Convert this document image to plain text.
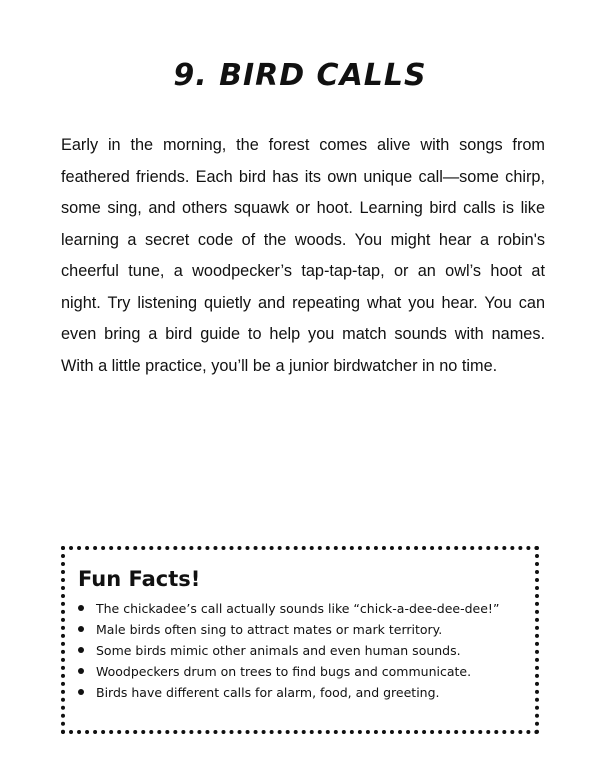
9. BIRD CALLS

Early in the morning, the forest comes alive with songs from feathered friends. Each bird has its own unique call—some chirp, some sing, and others squawk or hoot. Learning bird calls is like learning a secret code of the woods. You might hear a robin's cheerful tune, a woodpecker’s tap-tap-tap, or an owl’s hoot at night. Try listening quietly and repeating what you hear. You can even bring a bird guide to help you match sounds with names. With a little practice, you’ll be a junior birdwatcher in no time.

Fun Facts!
The chickadee’s call actually sounds like “chick-a-dee-dee-dee!”
Male birds often sing to attract mates or mark territory.
Some birds mimic other animals and even human sounds.
Woodpeckers drum on trees to find bugs and communicate.
Birds have different calls for alarm, food, and greeting.
